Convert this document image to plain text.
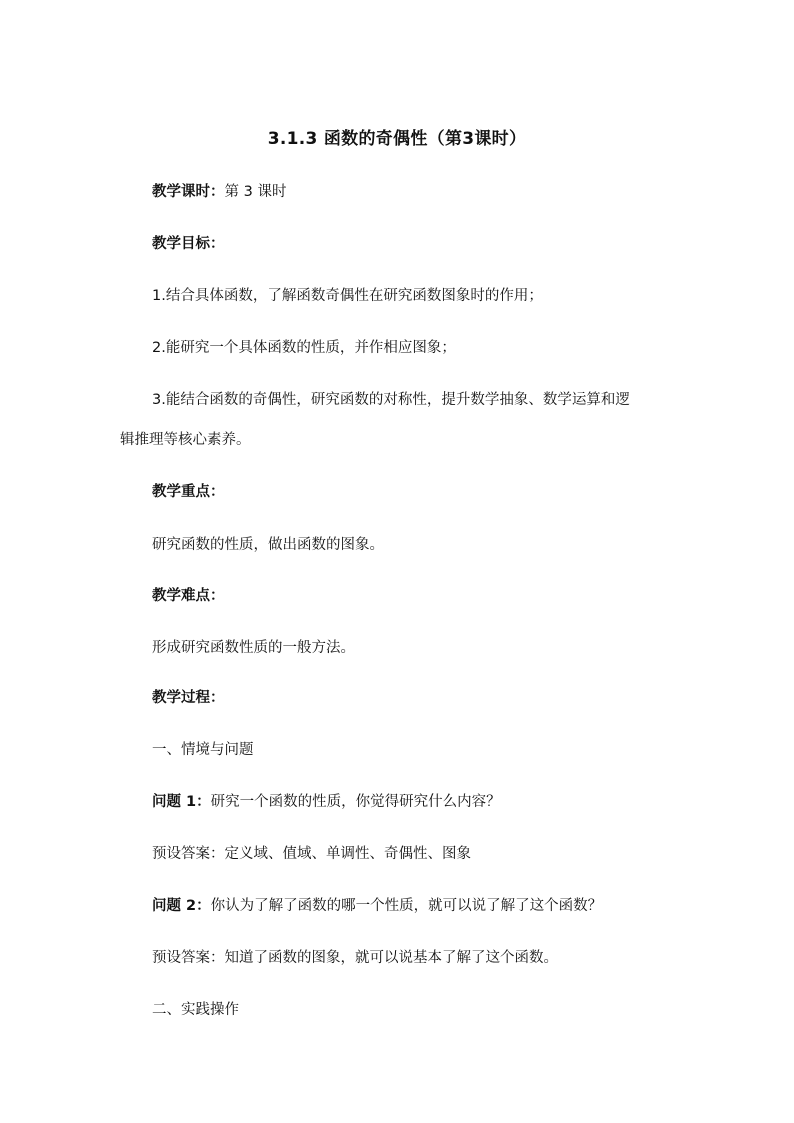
3.1.3 函数的奇偶性（第3课时）
教学课时：第 3 课时
教学目标：
1.结合具体函数，了解函数奇偶性在研究函数图象时的作用；
2.能研究一个具体函数的性质，并作相应图象；
3.能结合函数的奇偶性，研究函数的对称性，提升数学抽象、数学运算和逻
辑推理等核心素养。
教学重点：
研究函数的性质，做出函数的图象。
教学难点：
形成研究函数性质的一般方法。
教学过程：
一、情境与问题
问题 1：研究一个函数的性质，你觉得研究什么内容？
预设答案：定义域、值域、单调性、奇偶性、图象
问题 2：你认为了解了函数的哪一个性质，就可以说了解了这个函数？
预设答案：知道了函数的图象，就可以说基本了解了这个函数。
二、实践操作
